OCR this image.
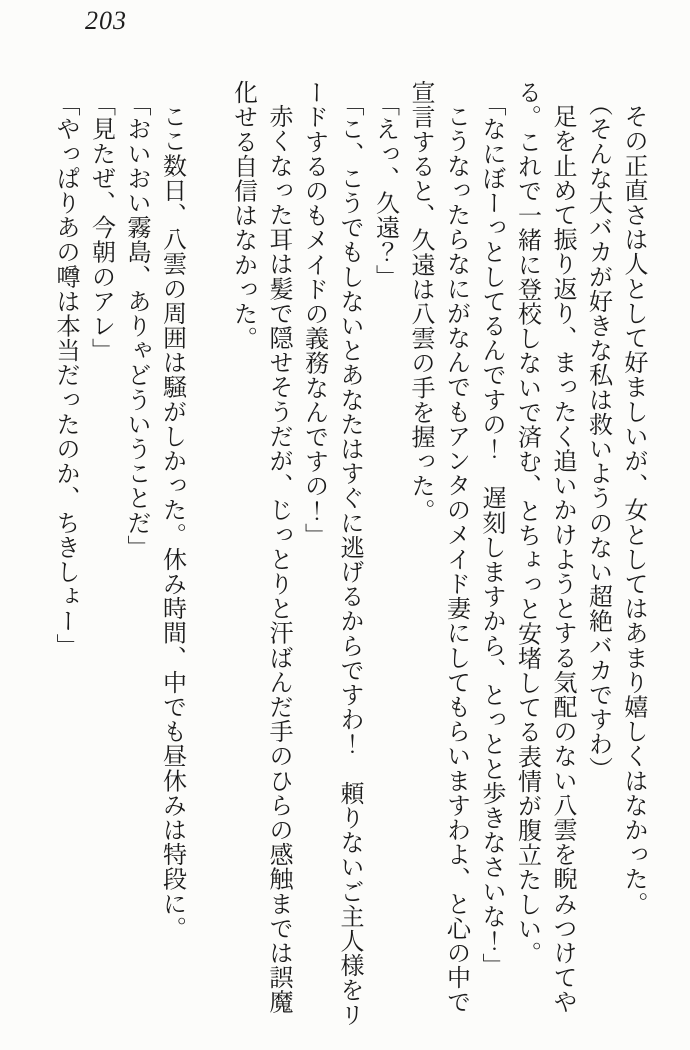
203

その正直さは人として好ましいが、女としてはあまり嬉しくはなかった。

（そんな大バカが好きな私は救いようのない超絶バカですわ）

足を止めて振り返り、まったく追いかけようとする気配のない八雲を睨みつけてや

る。これで一緒に登校しないで済む、とちょっと安堵してる表情が腹立たしい。

「なにぼーっとしてるんですの！　遅刻しますから、とっとと歩きなさいな！」

こうなったらなにがなんでもアンタのメイド妻にしてもらいますわよ、と心の中で

宣言すると、久遠は八雲の手を握った。

「えっ、久遠？」

「こ、こうでもしないとあなたはすぐに逃げるからですわ！　頼りないご主人様をリ

ードするのもメイドの義務なんですの！」

赤くなった耳は髪で隠せそうだが、じっとりと汗ばんだ手のひらの感触までは誤魔

化せる自信はなかった。

ここ数日、八雲の周囲は騒がしかった。休み時間、中でも昼休みは特段に。

「おいおい霧島、ありゃどういうことだ」

「見たぜ、今朝のアレ」

「やっぱりあの噂は本当だったのか、ちきしょー」
